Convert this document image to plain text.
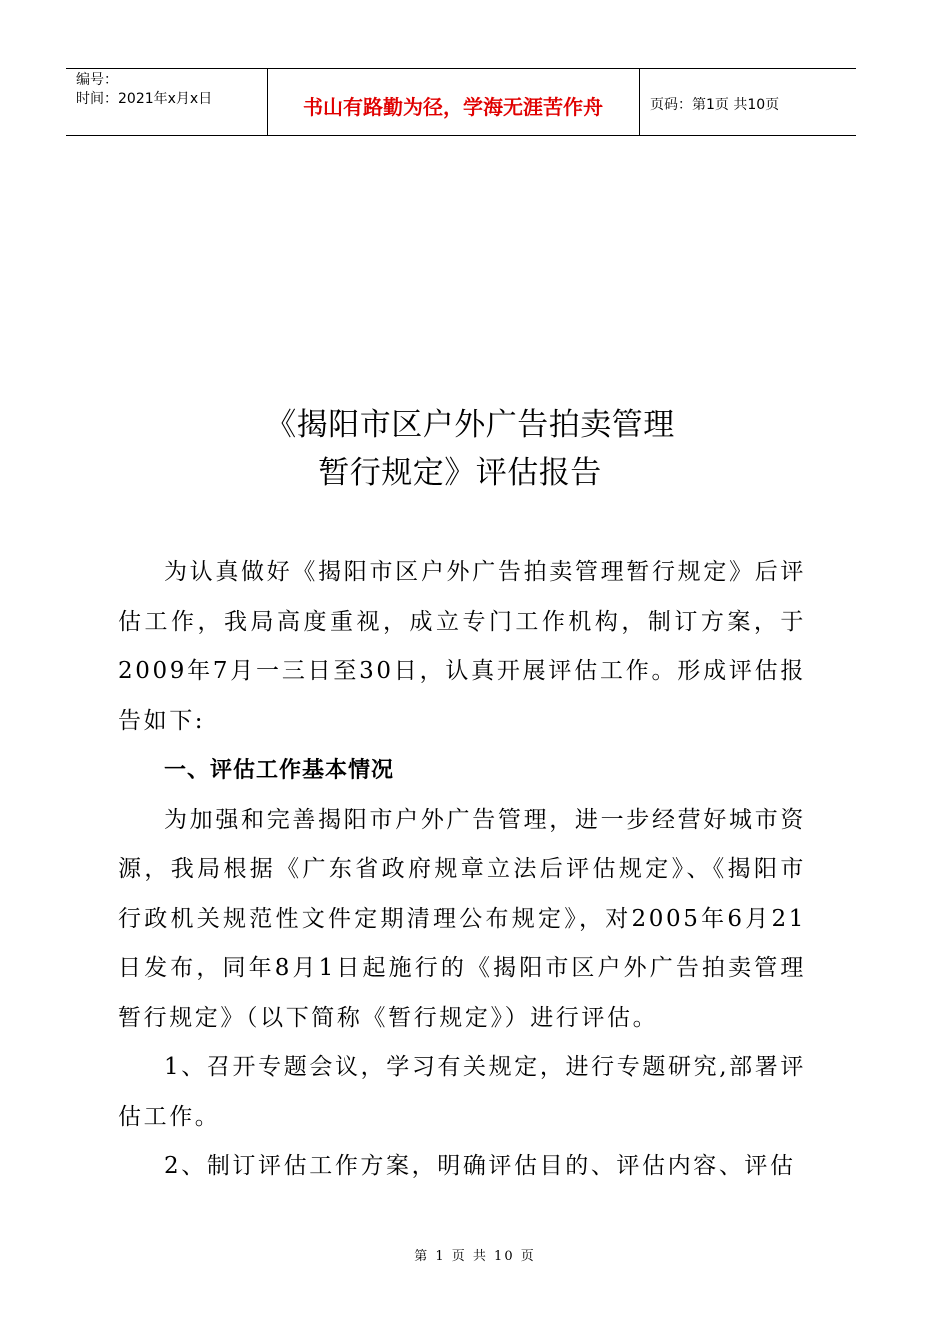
编号：
时间：2021年x月x日	书山有路勤为径，学海无涯苦作舟	页码：第1页 共10页
《揭阳市区户外广告拍卖管理
暂行规定》评估报告

为认真做好《揭阳市区户外广告拍卖管理暂行规定》后评估工作，我局高度重视，成立专门工作机构，制订方案，于2009年7月一三日至30日，认真开展评估工作。形成评估报告如下:

一、评估工作基本情况

为加强和完善揭阳市户外广告管理，进一步经营好城市资源，我局根据《广东省政府规章立法后评估规定》、《揭阳市行政机关规范性文件定期清理公布规定》，对2005年6月21日发布，同年8月1日起施行的《揭阳市区户外广告拍卖管理暂行规定》（以下简称《暂行规定》）进行评估。

1、召开专题会议，学习有关规定，进行专题研究,部署评估工作。

2、制订评估工作方案，明确评估目的、评估内容、评估

第 1 页 共 10 页
